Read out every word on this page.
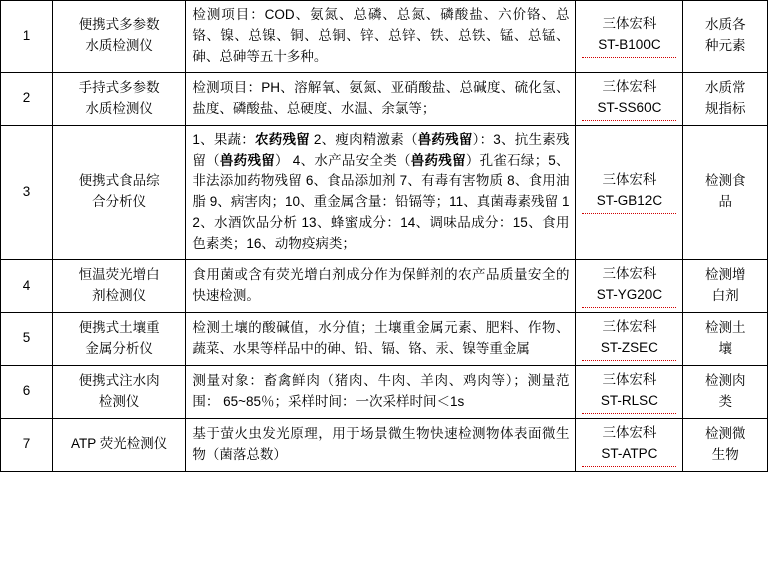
1	便携式多参数
水质检测仪	检测项目：COD、氨氮、总磷、总氮、磷酸盐、六价铬、总铬、镍、总镍、铜、总铜、锌、总锌、铁、总铁、锰、总锰、砷、总砷等五十多种。	三体宏科
ST-B100C	水质各
种元素

2	手持式多参数
水质检测仪	检测项目：PH、溶解氧、氨氮、亚硝酸盐、总碱度、硫化氢、盐度、磷酸盐、总硬度、水温、余氯等；	三体宏科
ST-SS60C	水质常
规指标

3	便携式食品综
合分析仪	1、果蔬：农药残留 2、瘦肉精激素（兽药残留）：3、抗生素残留（兽药残留） 4、水产品安全类（兽药残留）孔雀石绿；5、非法添加药物残留 6、食品添加剂 7、有毒有害物质 8、食用油脂 9、病害肉；10、重金属含量：铅镉等；11、真菌毒素残留 12、水酒饮品分析 13、蜂蜜成分：14、调味品成分：15、食用色素类；16、动物疫病类；	三体宏科
ST-GB12C	检测食
品

4	恒温荧光增白
剂检测仪	食用菌或含有荧光增白剂成分作为保鲜剂的农产品质量安全的快速检测。	三体宏科
ST-YG20C	检测增
白剂

5	便携式土壤重
金属分析仪	检测土壤的酸碱值，水分值；土壤重金属元素、肥料、作物、蔬菜、水果等样品中的砷、铅、镉、铬、汞、镍等重金属	三体宏科
ST-ZSEC	检测土
壤

6	便携式注水肉
检测仪	测量对象：畜禽鲜肉（猪肉、牛肉、羊肉、鸡肉等）；测量范围： 65~85％；采样时间：一次采样时间＜1s	三体宏科
ST-RLSC	检测肉
类

7	ATP 荧光检测仪	基于萤火虫发光原理，用于场景微生物快速检测物体表面微生物（菌落总数）	三体宏科
ST-ATPC	检测微
生物
